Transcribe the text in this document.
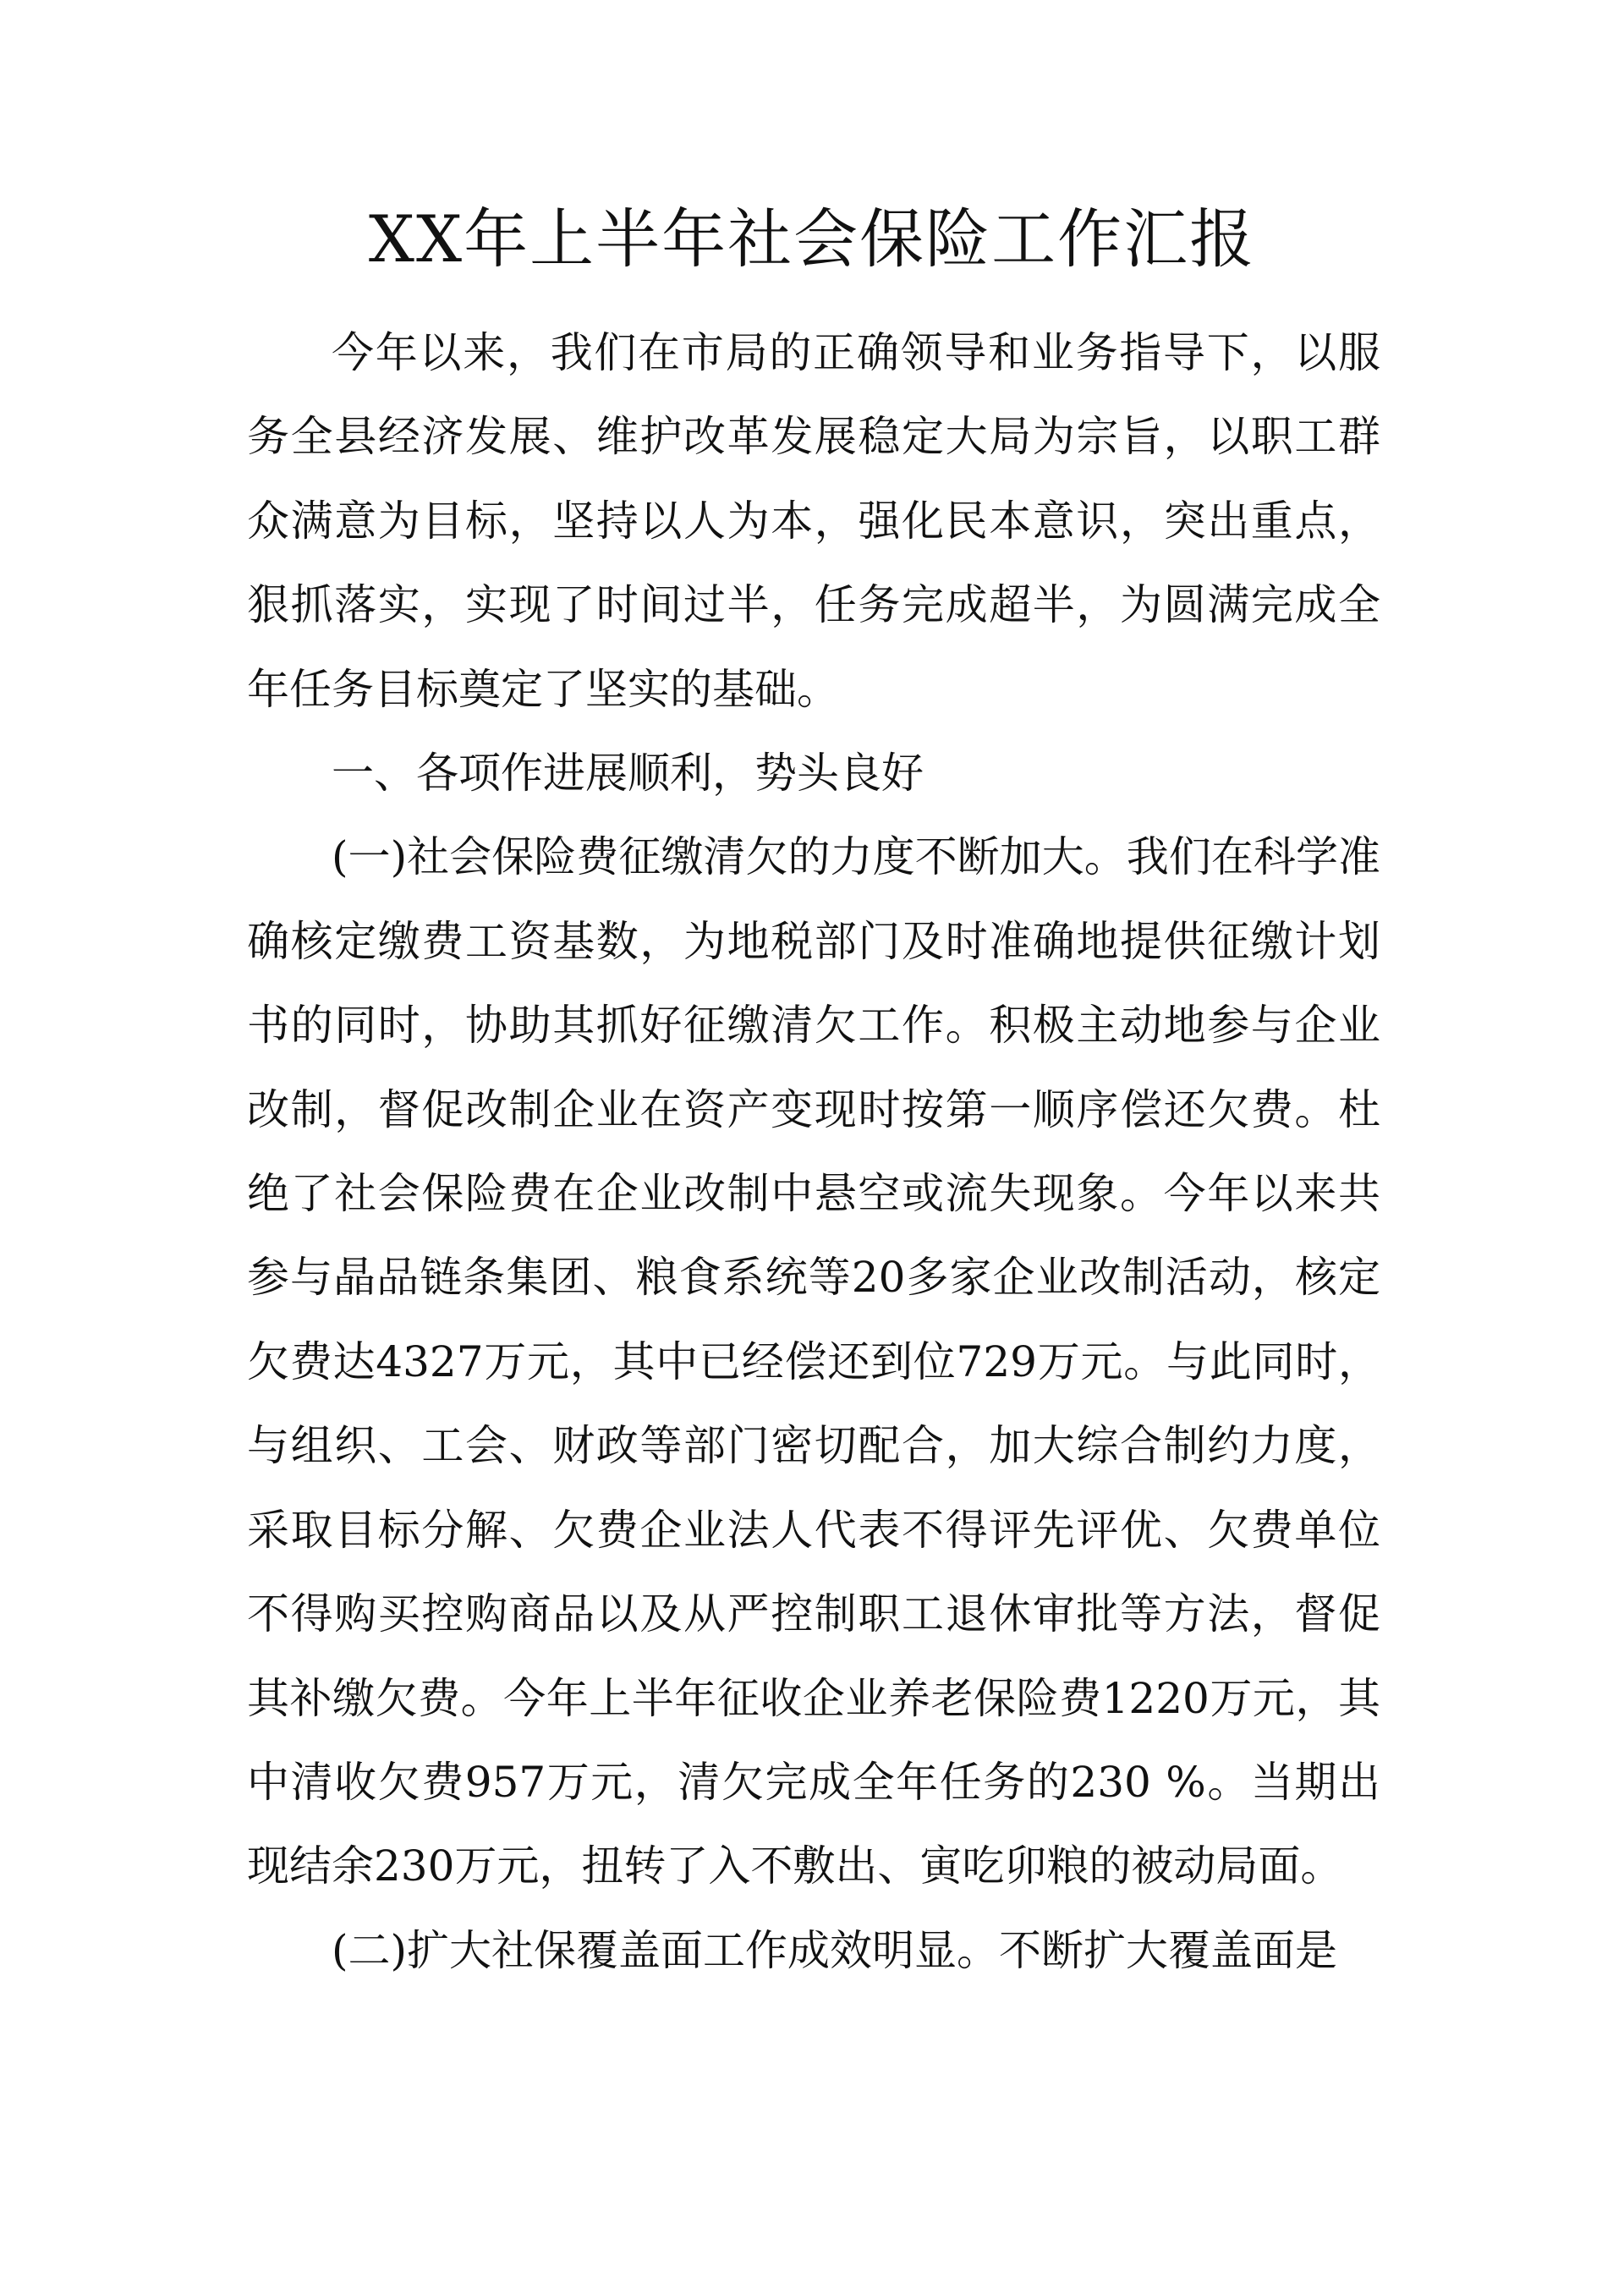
XX年上半年社会保险工作汇报

今年以来，我们在市局的正确领导和业务指导下，以服务全县经济发展、维护改革发展稳定大局为宗旨，以职工群众满意为目标，坚持以人为本，强化民本意识，突出重点，狠抓落实，实现了时间过半，任务完成超半，为圆满完成全年任务目标奠定了坚实的基础。

一、各项作进展顺利，势头良好

(一)社会保险费征缴清欠的力度不断加大。我们在科学准确核定缴费工资基数，为地税部门及时准确地提供征缴计划书的同时，协助其抓好征缴清欠工作。积极主动地参与企业改制，督促改制企业在资产变现时按第一顺序偿还欠费。杜绝了社会保险费在企业改制中悬空或流失现象。今年以来共参与晶品链条集团、粮食系统等20多家企业改制活动，核定欠费达4327万元，其中已经偿还到位729万元。与此同时，与组织、工会、财政等部门密切配合，加大综合制约力度，采取目标分解、欠费企业法人代表不得评先评优、欠费单位不得购买控购商品以及从严控制职工退休审批等方法，督促其补缴欠费。今年上半年征收企业养老保险费1220万元，其中清收欠费957万元，清欠完成全年任务的230 %。当期出现结余230万元，扭转了入不敷出、寅吃卯粮的被动局面。

(二)扩大社保覆盖面工作成效明显。不断扩大覆盖面是
